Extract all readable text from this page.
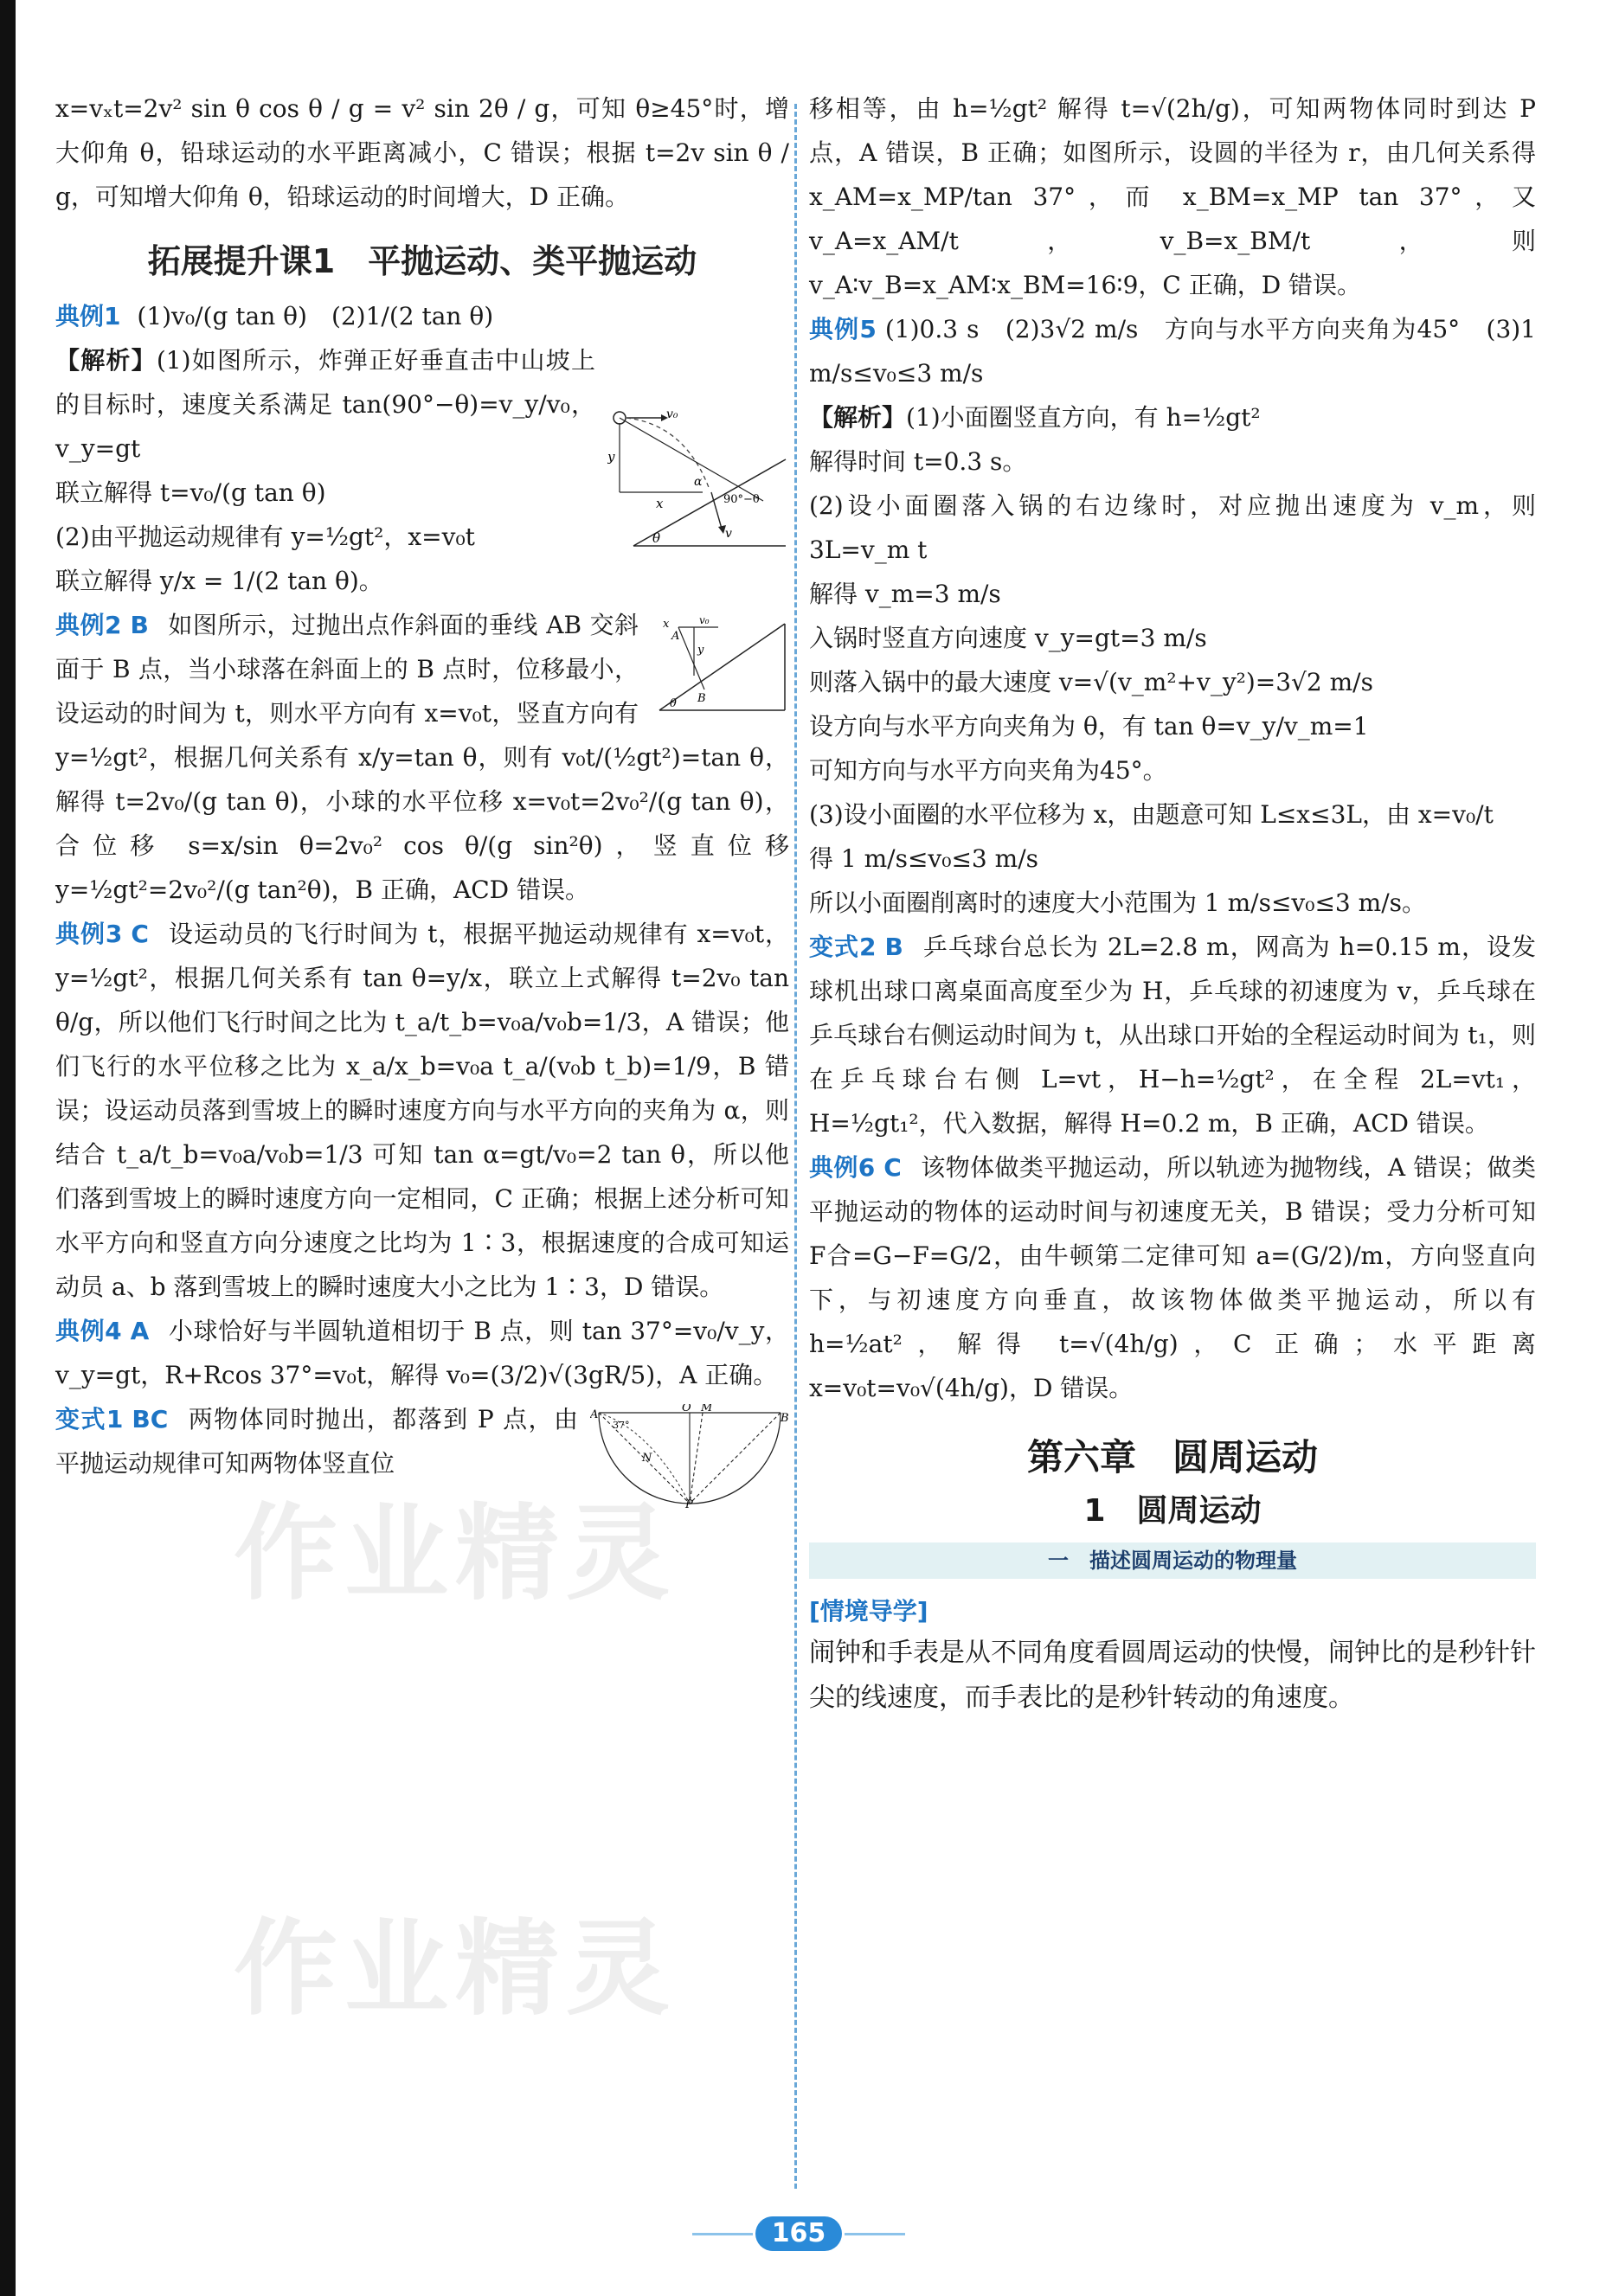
作业精灵
作业精灵

x=vₓt=2v² sin θ cos θ / g = v² sin 2θ / g，可知 θ≥45°时，增大仰角 θ，铅球运动的水平距离减小，C 错误；根据 t=2v sin θ / g，可知增大仰角 θ，铅球运动的时间增大，D 正确。

拓展提升课1　平抛运动、类平抛运动

典例1 (1)v₀/(g tan θ)　(2)1/(2 tan θ)

v₀
y
x
θ	v
α
90°−θ

【解析】(1)如图所示，炸弹正好垂直击中山坡上的目标时，速度关系满足 tan(90°−θ)=v_y/v₀，v_y=gt

联立解得 t=v₀/(g tan θ)

(2)由平抛运动规律有 y=½gt²，x=v₀t

联立解得 y/x = 1/(2 tan θ)。

θ
x	v₀
y
A
B

典例2 B 如图所示，过抛出点作斜面的垂线 AB 交斜面于 B 点，当小球落在斜面上的 B 点时，位移最小，设运动的时间为 t，则水平方向有 x=v₀t，竖直方向有 y=½gt²，根据几何关系有 x/y=tan θ，则有 v₀t/(½gt²)=tan θ，解得 t=2v₀/(g tan θ)，小球的水平位移 x=v₀t=2v₀²/(g tan θ)，合位移 s=x/sin θ=2v₀² cos θ/(g sin²θ)，竖直位移 y=½gt²=2v₀²/(g tan²θ)，B 正确，ACD 错误。

典例3 C 设运动员的飞行时间为 t，根据平抛运动规律有 x=v₀t，y=½gt²，根据几何关系有 tan θ=y/x，联立上式解得 t=2v₀ tan θ/g，所以他们飞行时间之比为 t_a/t_b=v₀a/v₀b=1/3，A 错误；他们飞行的水平位移之比为 x_a/x_b=v₀a t_a/(v₀b t_b)=1/9，B 错误；设运动员落到雪坡上的瞬时速度方向与水平方向的夹角为 α，则结合 t_a/t_b=v₀a/v₀b=1/3 可知 tan α=gt/v₀=2 tan θ，所以他们落到雪坡上的瞬时速度方向一定相同，C 正确；根据上述分析可知水平方向和竖直方向分速度之比均为 1∶3，根据速度的合成可知运动员 a、b 落到雪坡上的瞬时速度大小之比为 1∶3，D 错误。

典例4 A 小球恰好与半圆轨道相切于 B 点，则 tan 37°=v₀/v_y，v_y=gt，R+Rcos 37°=v₀t，解得 v₀=(3/2)√(3gR/5)，A 正确。

A
O M
B
N
P
37°

变式1 BC 两物体同时抛出，都落到 P 点，由平抛运动规律可知两物体竖直位

移相等，由 h=½gt² 解得 t=√(2h/g)，可知两物体同时到达 P 点，A 错误，B 正确；如图所示，设圆的半径为 r，由几何关系得 x_AM=x_MP/tan 37°，而 x_BM=x_MP tan 37°，又 v_A=x_AM/t，v_B=x_BM/t，则 v_A∶v_B=x_AM∶x_BM=16∶9，C 正确，D 错误。

典例5 (1)0.3 s　(2)3√2 m/s　方向与水平方向夹角为45°　(3)1 m/s≤v₀≤3 m/s

【解析】(1)小面圈竖直方向，有 h=½gt²

解得时间 t=0.3 s。

(2)设小面圈落入锅的右边缘时，对应抛出速度为 v_m，则 3L=v_m t

解得 v_m=3 m/s

入锅时竖直方向速度 v_y=gt=3 m/s

则落入锅中的最大速度 v=√(v_m²+v_y²)=3√2 m/s

设方向与水平方向夹角为 θ，有 tan θ=v_y/v_m=1

可知方向与水平方向夹角为45°。

(3)设小面圈的水平位移为 x，由题意可知 L≤x≤3L，由 x=v₀/t

得 1 m/s≤v₀≤3 m/s

所以小面圈削离时的速度大小范围为 1 m/s≤v₀≤3 m/s。

变式2 B 乒乓球台总长为 2L=2.8 m，网高为 h=0.15 m，设发球机出球口离桌面高度至少为 H，乒乓球的初速度为 v，乒乓球在乒乓球台右侧运动时间为 t，从出球口开始的全程运动时间为 t₁，则在乒乓球台右侧 L=vt，H−h=½gt²，在全程 2L=vt₁，H=½gt₁²，代入数据，解得 H=0.2 m，B 正确，ACD 错误。

典例6 C 该物体做类平抛运动，所以轨迹为抛物线，A 错误；做类平抛运动的物体的运动时间与初速度无关，B 错误；受力分析可知 F合=G−F=G/2，由牛顿第二定律可知 a=(G/2)/m，方向竖直向下，与初速度方向垂直，故该物体做类平抛运动，所以有 h=½at²，解得 t=√(4h/g)，C 正确；水平距离 x=v₀t=v₀√(4h/g)，D 错误。

第六章　圆周运动
1　圆周运动
一　描述圆周运动的物理量
[情境导学]
闹钟和手表是从不同角度看圆周运动的快慢，闹钟比的是秒针针尖的线速度，而手表比的是秒针转动的角速度。
165
